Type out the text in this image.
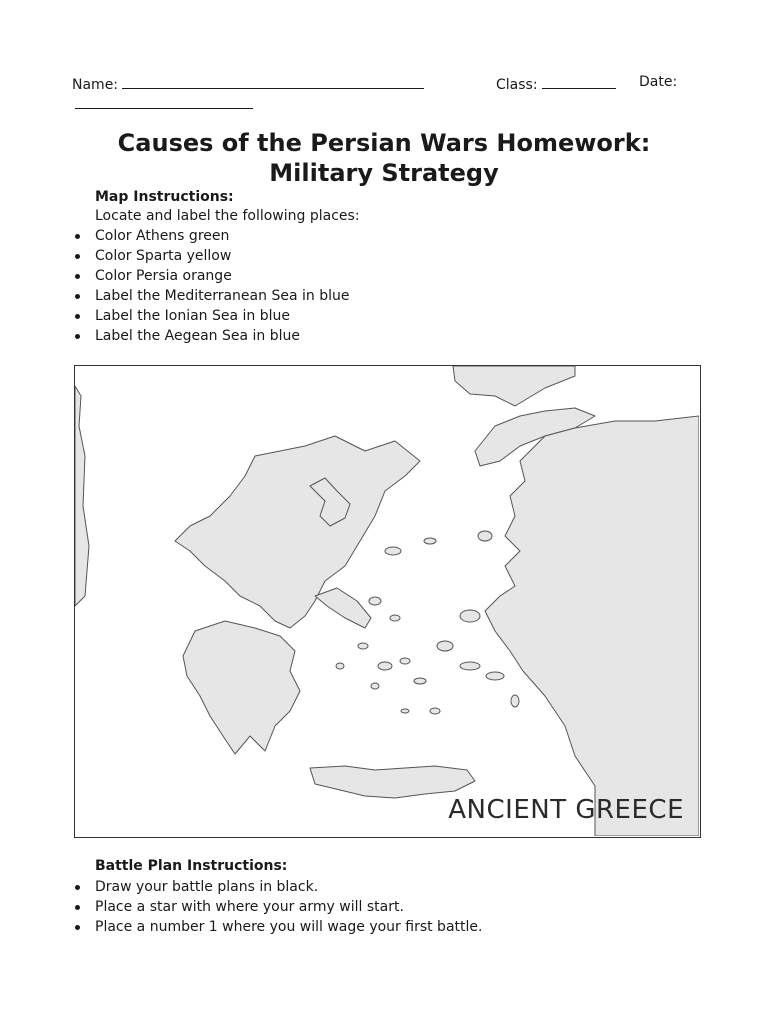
Name:	Class:	Date:
Causes of the Persian Wars Homework:
Military Strategy
Map Instructions:
Locate and label the following places:
Color Athens green
Color Sparta yellow
Color Persia orange
Label the Mediterranean Sea in blue
Label the Ionian Sea in blue
Label the Aegean Sea in blue
ANCIENT GREECE
Battle Plan Instructions:
Draw your battle plans in black.
Place a star with where your army will start.
Place a number 1 where you will wage your first battle.
